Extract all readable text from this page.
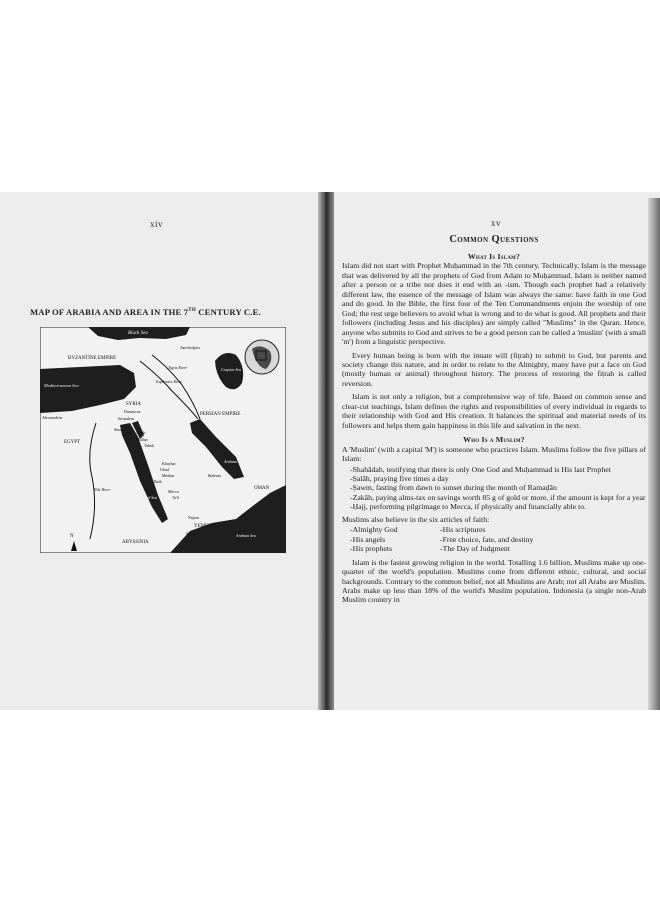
xiv
MAP OF ARABIA AND AREA IN THE 7TH CENTURY C.E.
Black Sea
Azerbaijan
Caspian Sea
BYZANTINE EMPIRE
Tigris River
Euphrates River
Mediterranean Sea
SYRIA
Damascus
Jerusalem
PERSIAN EMPIRE
Alexandria
Sinai
Aylah
Midian
Tabuk
EGYPT
Arabian Gulf
Bahrain
Khaybar
Uhud
Medina
Badr
OMAN
Nile River
Red Sea
Mecca
Ta'if
Najran
YEMEN
Sanaa	Arabian Sea
ABYSSINIA
N
xv
Common Questions
What Is Islam?

Islam did not start with Prophet Muḥammad in the 7th century. Technically, Islam is the message that was delivered by all the prophets of God from Adam to Muḥammad. Islam is neither named after a person or a tribe nor does it end with an -ism. Though each prophet had a relatively different law, the essence of the message of Islam was always the same: have faith in one God and do good. In the Bible, the first four of the Ten Commandments enjoin the worship of one God; the rest urge believers to avoid what is wrong and to do what is good. All prophets and their followers (including Jesus and his disciples) are simply called "Muslims" in the Quran. Hence, anyone who submits to God and strives to be a good person can be called a 'muslim' (with a small 'm') from a linguistic perspective.

Every human being is born with the innate will (fiṭrah) to submit to God, but parents and society change this nature, and in order to relate to the Almighty, many have put a face on God (mostly human or animal) throughout history. The process of restoring the fiṭrah is called reversion.

Islam is not only a religion, but a comprehensive way of life. Based on common sense and clear-cut teachings, Islam defines the rights and responsibilities of every individual in regards to their relationship with God and His creation. It balances the spiritual and material needs of its followers and helps them gain happiness in this life and salvation in the next.

Who Is a Muslim?

A 'Muslim' (with a capital 'M') is someone who practices Islam. Muslims follow the five pillars of Islam:

-Shahādah, testifying that there is only One God and Muḥammad is His last Prophet
-Ṣalāh, praying five times a day
-Ṣawm, fasting from dawn to sunset during the month of Ramaḍān
-Zakāh, paying alms-tax on savings worth 85 g of gold or more, if the amount is kept for a year
-Ḥajj, performing pilgrimage to Mecca, if physically and financially able to.

Muslims also believe in the six articles of faith:

-Almighty God	-His scriptures
-His angels	-Free choice, fate, and destiny
-His prophets	-The Day of Judgment

Islam is the fastest growing religion in the world. Totalling 1.6 billion, Muslims make up one-quarter of the world's population. Muslims come from different ethnic, cultural, and social backgrounds. Contrary to the common belief, not all Muslims are Arab; not all Arabs are Muslim. Arabs make up less than 18% of the world's Muslim population. Indonesia (a single non-Arab Muslim country in
